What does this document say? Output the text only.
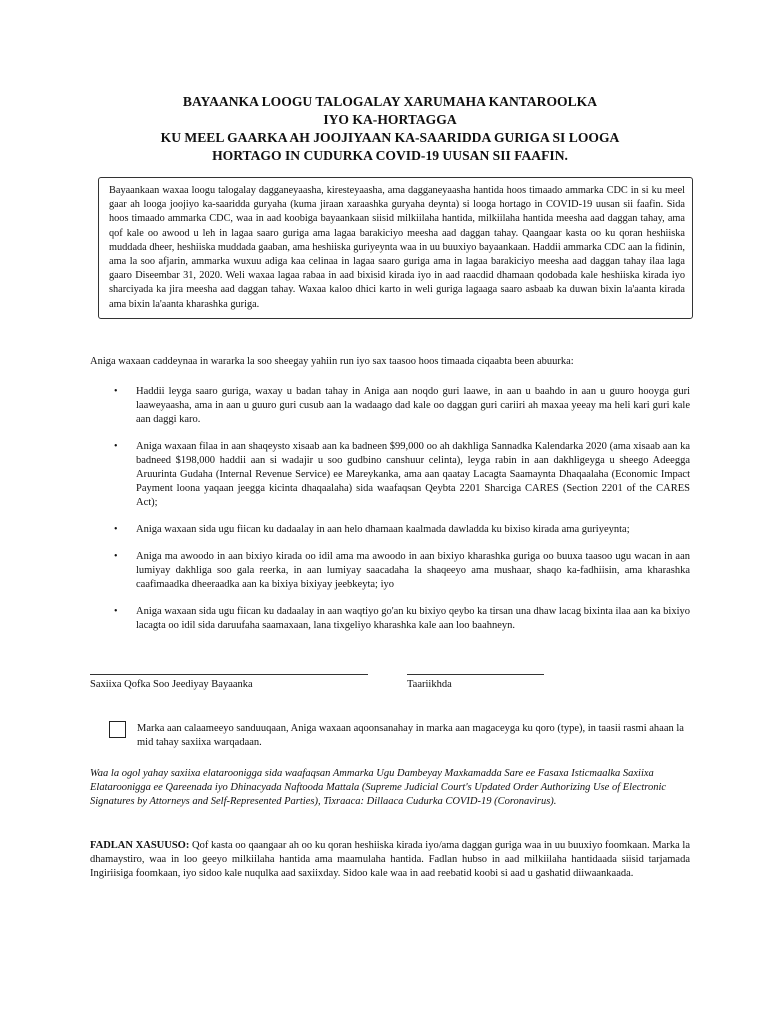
BAYAANKA LOOGU TALOGALAY XARUMAHA KANTAROOLKA
IYO KA-HORTAGGA
KU MEEL GAARKA AH JOOJIYAAN KA-SAARIDDA GURIGA SI LOOGA
HORTAGO IN CUDURKA COVID-19 UUSAN SII FAAFIN.
Bayaankaan waxaa loogu talogalay dagganeyaasha, kiresteyaasha, ama dagganeyaasha hantida hoos timaado ammarka CDC in si ku meel gaar ah looga joojiyo ka-saaridda guryaha (kuma jiraan xaraashka guryaha deynta) si looga hortago in COVID-19 uusan sii faafin. Sida hoos timaado ammarka CDC, waa in aad koobiga bayaankaan siisid milkiilaha hantida, milkiilaha hantida meesha aad daggan tahay, ama qof kale oo awood u leh in lagaa saaro guriga ama lagaa barakiciyo meesha aad daggan tahay. Qaangaar kasta oo ku qoran heshiiska muddada dheer, heshiiska muddada gaaban, ama heshiiska guriyeynta waa in uu buuxiyo bayaankaan. Haddii ammarka CDC aan la fidinin, ama la soo afjarin, ammarka wuxuu adiga kaa celinaa in lagaa saaro guriga ama in lagaa barakiciyo meesha aad daggan tahay ilaa laga gaaro Diseembar 31, 2020. Weli waxaa lagaa rabaa in aad bixisid kirada iyo in aad raacdid dhamaan qodobada kale heshiiska kirada iyo sharciyada ka jira meesha aad daggan tahay. Waxaa kaloo dhici karto in weli guriga lagaaga saaro asbaab ka duwan bixin la'aanta kirada ama bixin la'aanta kharashka guriga.
Aniga waxaan caddeynaa in wararka la soo sheegay yahiin run iyo sax taasoo hoos timaada ciqaabta been abuurka:
• Haddii leyga saaro guriga, waxay u badan tahay in Aniga aan noqdo guri laawe, in aan u baahdo in aan u guuro hooyga guri laaweyaasha, ama in aan u guuro guri cusub aan la wadaago dad kale oo daggan guri cariiri ah maxaa yeeay ma heli kari guri kale aan daggi karo.
• Aniga waxaan filaa in aan shaqeysto xisaab aan ka badneen $99,000 oo ah dakhliga Sannadka Kalendarka 2020 (ama xisaab aan ka badneed $198,000 haddii aan si wadajir u soo gudbino canshuur celinta), leyga rabin in aan dakhligeyga u sheego Adeegga Aruurinta Gudaha (Internal Revenue Service) ee Mareykanka, ama aan qaatay Lacagta Saamaynta Dhaqaalaha (Economic Impact Payment loona yaqaan jeegga kicinta dhaqaalaha) sida waafaqsan Qeybta 2201 Sharciga CARES (Section 2201 of the CARES Act);
• Aniga waxaan sida ugu fiican ku dadaalay in aan helo dhamaan kaalmada dawladda ku bixiso kirada ama guriyeynta;
• Aniga ma awoodo in aan bixiyo kirada oo idil ama ma awoodo in aan bixiyo kharashka guriga oo buuxa taasoo ugu wacan in aan lumiyay dakhliga soo gala reerka, in aan lumiyay saacadaha la shaqeeyo ama mushaar, shaqo ka-fadhiisin, ama kharashka caafimaadka dheeraadka aan ka bixiya bixiyay jeebkeyta; iyo
• Aniga waxaan sida ugu fiican ku dadaalay in aan waqtiyo go'an ku bixiyo qeybo ka tirsan una dhaw lacag bixinta ilaa aan ka bixiyo lacagta oo idil sida daruufaha saamaxaan, lana tixgeliyo kharashka kale aan loo baahneyn.
Saxiixa Qofka Soo Jeediyay Bayaanka	Taariikhda
Marka aan calaameeyo sanduuqaan, Aniga waxaan aqoonsanahay in marka aan magaceyga ku qoro (type), in taasii rasmi ahaan la mid tahay saxiixa warqadaan.
Waa la ogol yahay saxiixa elataroonigga sida waafaqsan Ammarka Ugu Dambeyay Maxkamadda Sare ee Fasaxa Isticmaalka Saxiixa Elataroonigga ee Qareenada iyo Dhinacyada Naftooda Mattala (Supreme Judicial Court's Updated Order Authorizing Use of Electronic Signatures by Attorneys and Self-Represented Parties), Tixraaca: Dillaaca Cudurka COVID-19 (Coronavirus).
FADLAN XASUUSO: Qof kasta oo qaangaar ah oo ku qoran heshiiska kirada iyo/ama daggan guriga waa in uu buuxiyo foomkaan. Marka la dhamaystiro, waa in loo geeyo milkiilaha hantida ama maamulaha hantida. Fadlan hubso in aad milkiilaha hantidaada siisid tarjamada Ingiriisiga foomkaan, iyo sidoo kale nuqulka aad saxiixday. Sidoo kale waa in aad reebatid koobi si aad u gashatid diiwaankaada.
